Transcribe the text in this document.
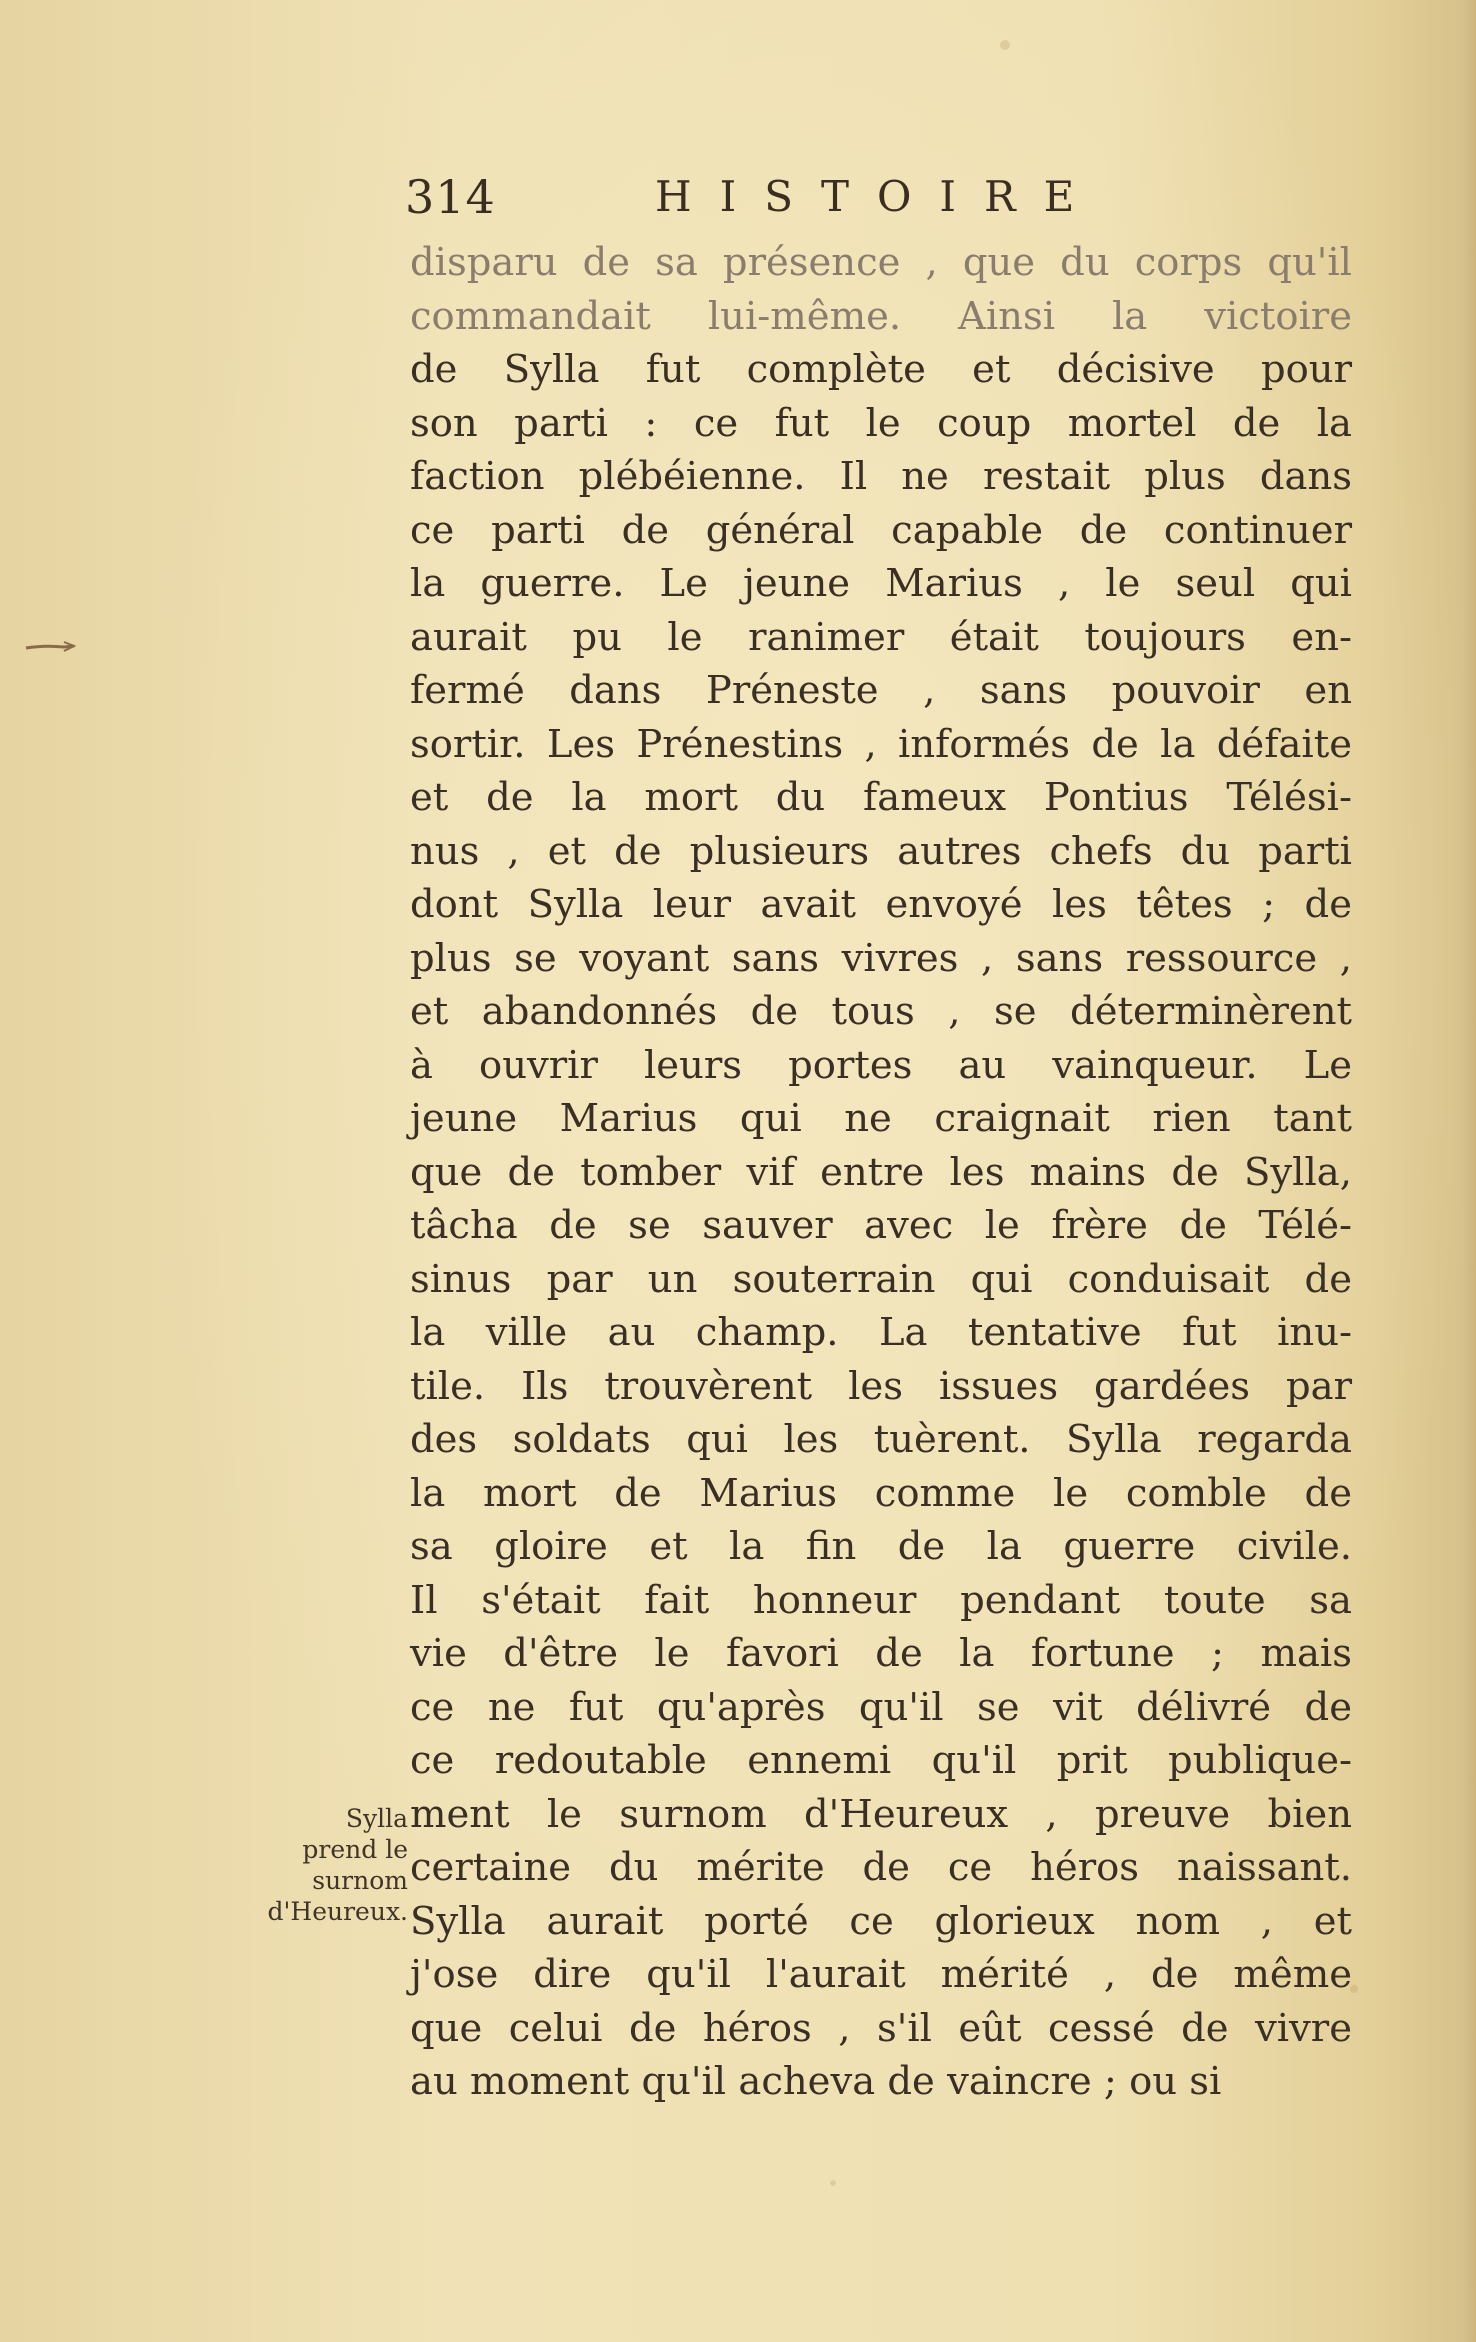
314	HISTOIRE
disparu de sa présence , que du corps qu'il
commandait lui-même. Ainsi la victoire
de Sylla fut complète et décisive pour
son parti : ce fut le coup mortel de la
faction plébéienne. Il ne restait plus dans
ce parti de général capable de continuer
la guerre. Le jeune Marius , le seul qui
aurait pu le ranimer était toujours en-
fermé dans Préneste , sans pouvoir en
sortir. Les Prénestins , informés de la défaite
et de la mort du fameux Pontius Télési-
nus , et de plusieurs autres chefs du parti
dont Sylla leur avait envoyé les têtes ; de
plus se voyant sans vivres , sans ressource ,
et abandonnés de tous , se déterminèrent
à ouvrir leurs portes au vainqueur. Le
jeune Marius qui ne craignait rien tant
que de tomber vif entre les mains de Sylla,
tâcha de se sauver avec le frère de Télé-
sinus par un souterrain qui conduisait de
la ville au champ. La tentative fut inu-
tile. Ils trouvèrent les issues gardées par
des soldats qui les tuèrent. Sylla regarda
la mort de Marius comme le comble de
sa gloire et la fin de la guerre civile.
Il s'était fait honneur pendant toute sa
vie d'être le favori de la fortune ; mais
ce ne fut qu'après qu'il se vit délivré de
ce redoutable ennemi qu'il prit publique-
ment le surnom d'Heureux , preuve bien
certaine du mérite de ce héros naissant.
Sylla aurait porté ce glorieux nom , et
j'ose dire qu'il l'aurait mérité , de même
que celui de héros , s'il eût cessé de vivre
au moment qu'il acheva de vaincre ; ou si
Sylla
prend le
surnom
d'Heureux.
